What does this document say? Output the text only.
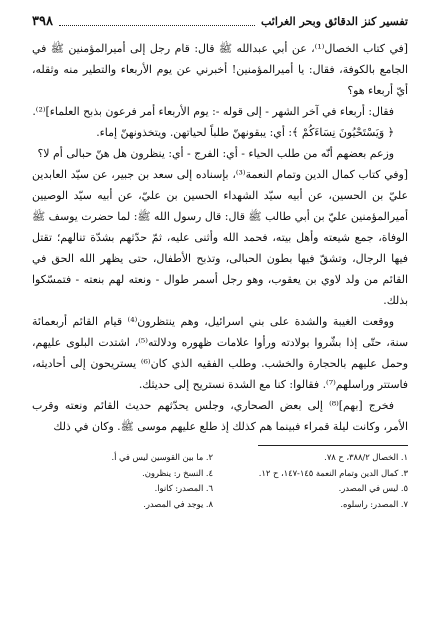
تفسير كنز الدقائق وبحر الغرائب
٣٩٨

[في كتاب الخصال⁽¹⁾، عن أبي عبدالله ﷺ قال: قام رجل إلى أميرالمؤمنين ﷺ في الجامع بالكوفة، فقال: يا أميرالمؤمنين! أخبرني عن يوم الأربعاء والتطير منه وثقله، أيّ أربعاء هو؟

فقال: أربعاء في آخر الشهر - إلى قوله -: يوم الأربعاء أمر فرعون بذبح العلماء]⁽²⁾.

﴿ وَيَسْتَحْيُونَ نِسَاءَكُمْ ﴾: أي: يبقونهنّ طلباً لحياتهن. ويتخذونهنّ إماء.

وزعم بعضهم أنّه من طلب الحياء - أي: الفرج - أي: ينظرون هل هنّ حبالى أم لا؟

[وفي كتاب كمال الدين وتمام النعمة⁽³⁾، بإسناده إلى سعد بن جبير، عن سيّد العابدين عليّ بن الحسين، عن أبيه سيّد الشهداء الحسين بن عليّ، عن أبيه سيّد الوصيين أميرالمؤمنين عليّ بن أبي طالب ﷺ قال: قال رسول الله ﷺ: لما حضرت يوسف ﷺ الوفاة، جمع شيعته وأهل بيته، فحمد الله وأثنى عليه، ثمّ حدّثهم بشدّة تنالهم؛ تقتل فيها الرجال، وتشقّ فيها بطون الحبالى، وتذبح الأطفال، حتى يظهر الله الحق في القائم من ولد لاوي بن يعقوب، وهو رجل أسمر طوال - ونعته لهم بنعته - فتمسّكوا بذلك.

ووقعت الغيبة والشدة على بني اسرائيل، وهم ينتظرون⁽⁴⁾ قيام القائم أربعمائة سنة، حتّى إذا بشّروا بولادته ورأوا علامات ظهوره ودلالته⁽⁵⁾، اشتدت البلوى عليهم، وحمل عليهم بالحجارة والخشب. وطلب الفقيه الذي كان⁽⁶⁾ يستريحون إلى أحاديثه، فاستتر وراسلهم⁽⁷⁾. فقالوا: كنا مع الشدة نستريح إلى حديثك.

فخرج [بهم]⁽⁸⁾ إلى بعض الصحاري، وجلس يحدّثهم حديث القائم ونعته وقرب الأمر، وكانت ليلة قمراء فبينما هم كذلك إذ طلع عليهم موسى ﷺ. وكان في ذلك

١. الخصال ٣٨٨/٢، ح ٧٨.
٢. ما بين القوسين ليس في أ.
٣. كمال الدين وتمام النعمة ١٤٥-١٤٧، ح ١٢.
٤. النسخ ر: ينظرون.
٥. ليس في المصدر.
٦. المصدر: كانوا.
٧. المصدر: راسلوه.
٨. يوجد في المصدر.
